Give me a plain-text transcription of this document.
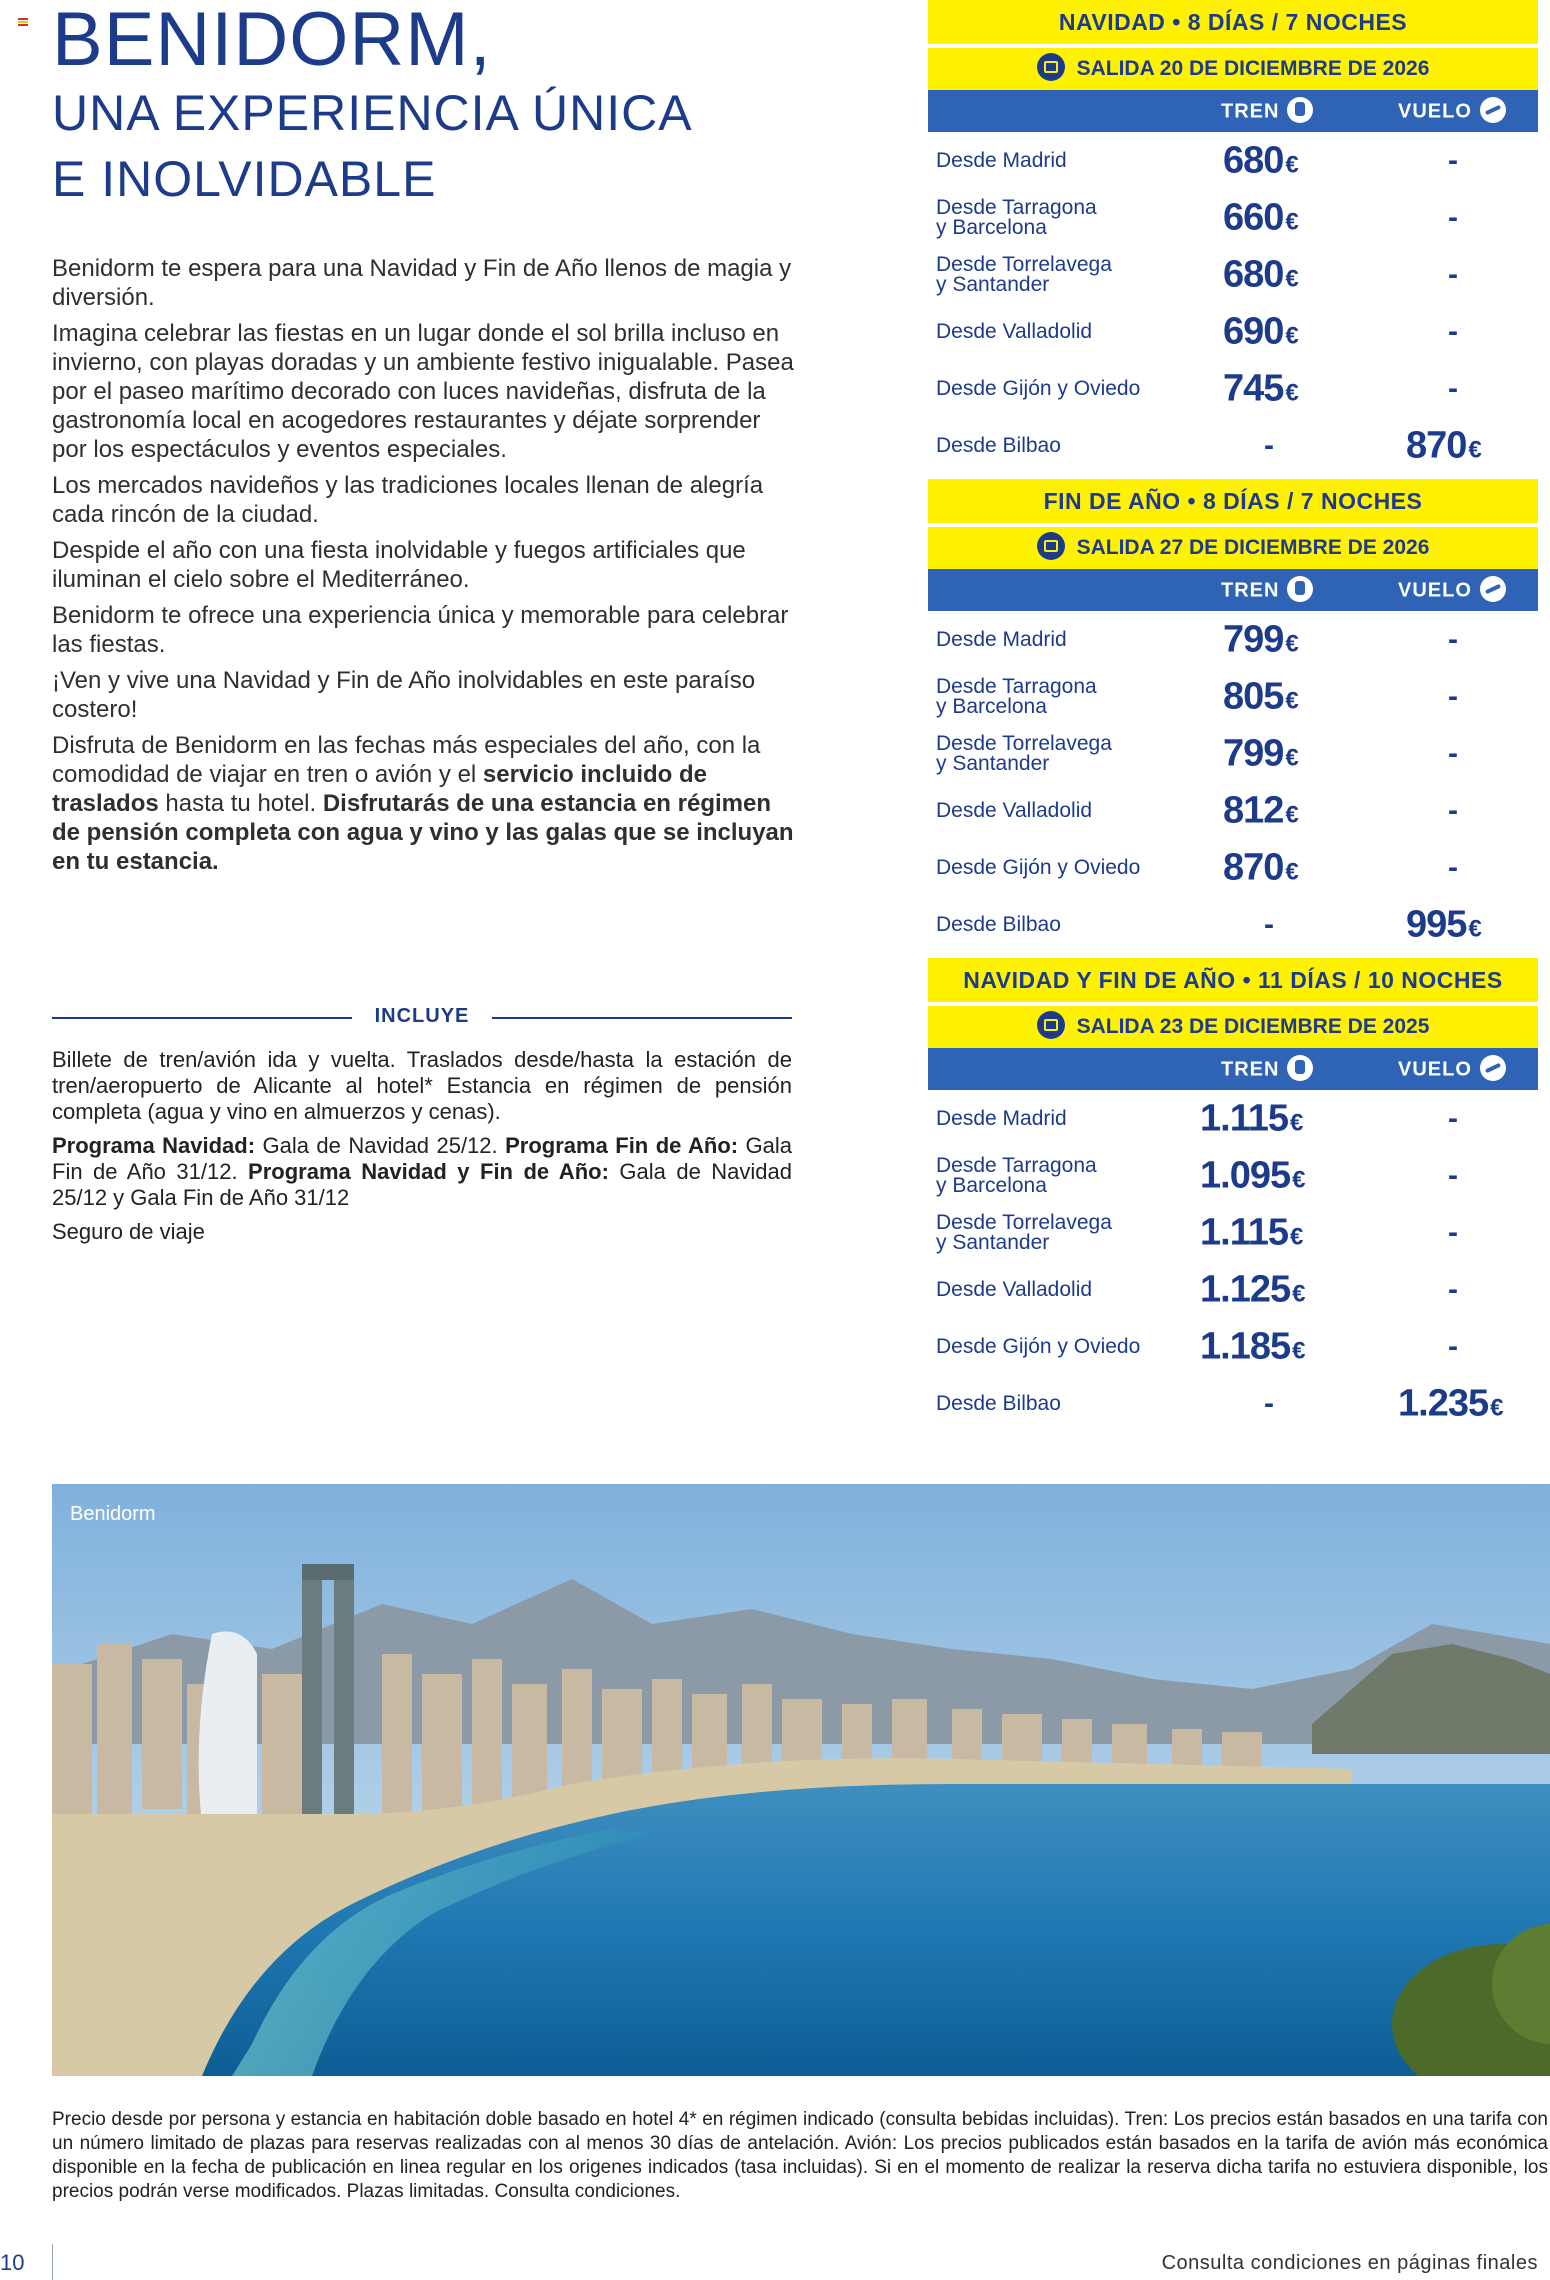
BENIDORM,
UNA EXPERIENCIA ÚNICA
E INOLVIDABLE

Benidorm te espera para una Navidad y Fin de Año llenos de magia y diversión.

Imagina celebrar las fiestas en un lugar donde el sol brilla incluso en invierno, con playas doradas y un ambiente festivo inigualable. Pasea por el paseo marítimo decorado con luces navideñas, disfruta de la gastronomía local en acogedores restaurantes y déjate sorprender por los espectáculos y eventos especiales.

Los mercados navideños y las tradiciones locales llenan de alegría cada rincón de la ciudad.

Despide el año con una fiesta inolvidable y fuegos artificiales que iluminan el cielo sobre el Mediterráneo.

Benidorm te ofrece una experiencia única y memorable para celebrar las fiestas.

¡Ven y vive una Navidad y Fin de Año inolvidables en este paraíso costero!

Disfruta de Benidorm en las fechas más especiales del año, con la comodidad de viajar en tren o avión y el servicio incluido de traslados hasta tu hotel. Disfrutarás de una estancia en régimen de pensión completa con agua y vino y las galas que se incluyan en tu estancia.

INCLUYE

Billete de tren/avión ida y vuelta. Traslados desde/hasta la estación de tren/aeropuerto de Alicante al hotel* Estancia en régimen de pensión completa (agua y vino en almuerzos y cenas).

Programa Navidad: Gala de Navidad 25/12. Programa Fin de Año: Gala Fin de Año 31/12. Programa Navidad y Fin de Año: Gala de Navidad 25/12 y Gala Fin de Año 31/12

Seguro de viaje

NAVIDAD • 8 DÍAS / 7 NOCHES
SALIDA 20 DE DICIEMBRE DE 2026
TREN	VUELO
Desde Madrid	680€	-
Desde Tarragona
y Barcelona	660€	-
Desde Torrelavega
y Santander	680€	-
Desde Valladolid	690€	-
Desde Gijón y Oviedo	745€	-
Desde Bilbao	-	870€
FIN DE AÑO • 8 DÍAS / 7 NOCHES
SALIDA 27 DE DICIEMBRE DE 2026
TREN	VUELO
Desde Madrid	799€	-
Desde Tarragona
y Barcelona	805€	-
Desde Torrelavega
y Santander	799€	-
Desde Valladolid	812€	-
Desde Gijón y Oviedo	870€	-
Desde Bilbao	-	995€
NAVIDAD Y FIN DE AÑO • 11 DÍAS / 10 NOCHES
SALIDA 23 DE DICIEMBRE DE 2025
TREN	VUELO
Desde Madrid	1.115€	-
Desde Tarragona
y Barcelona	1.095€	-
Desde Torrelavega
y Santander	1.115€	-
Desde Valladolid	1.125€	-
Desde Gijón y Oviedo	1.185€	-
Desde Bilbao	-	1.235€
Benidorm
Precio desde por persona y estancia en habitación doble basado en hotel 4* en régimen indicado (consulta bebidas incluidas). Tren: Los precios están basados en una tarifa con un número limitado de plazas para reservas realizadas con al menos 30 días de antelación. Avión: Los precios publicados están basados en la tarifa de avión más económica disponible en la fecha de publicación en linea regular en los origenes indicados (tasa incluidas). Si en el momento de realizar la reserva dicha tarifa no estuviera disponible, los precios podrán verse modificados. Plazas limitadas. Consulta condiciones.
10	Consulta condiciones en páginas finales
